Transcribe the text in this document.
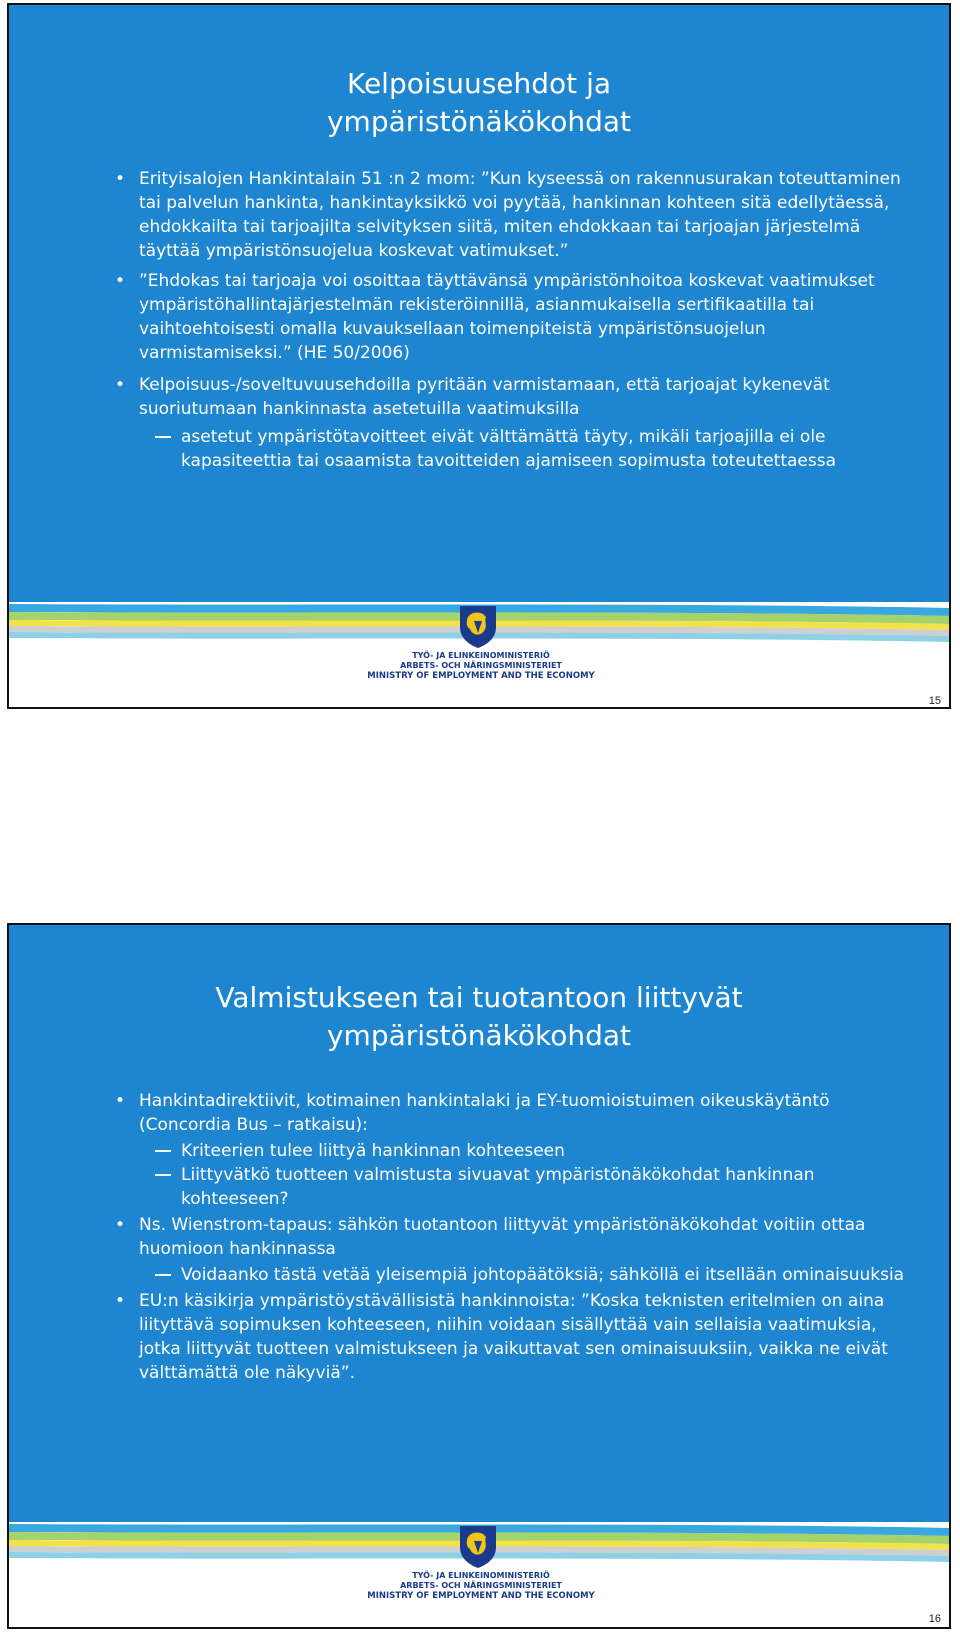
Kelpoisuusehdot ja
ympäristönäkökohdat
• Erityisalojen Hankintalain 51 :n 2 mom: ”Kun kyseessä on rakennusurakan toteuttaminen tai palvelun hankinta, hankintayksikkö voi pyytää, hankinnan kohteen sitä edellytäessä, ehdokkailta tai tarjoajilta selvityksen siitä, miten ehdokkaan tai tarjoajan järjestelmä täyttää ympäristönsuojelua koskevat vatimukset.”
• ”Ehdokas tai tarjoaja voi osoittaa täyttävänsä ympäristönhoitoa koskevat vaatimukset ympäristöhallintajärjestelmän rekisteröinnillä, asianmukaisella sertifikaatilla tai vaihtoehtoisesti omalla kuvauksellaan toimenpiteistä ympäristönsuojelun varmistamiseksi.” (HE 50/2006)
• Kelpoisuus-/soveltuvuusehdoilla pyritään varmistamaan, että tarjoajat kykenevät suoriutumaan hankinnasta asetetuilla vaatimuksilla
asetetut ympäristötavoitteet eivät välttämättä täyty, mikäli tarjoajilla ei ole kapasiteettia tai osaamista tavoitteiden ajamiseen sopimusta toteutettaessa
TYÖ- JA ELINKEINOMINISTERIÖ
ARBETS- OCH NÄRINGSMINISTERIET
MINISTRY OF EMPLOYMENT AND THE ECONOMY
15
Valmistukseen tai tuotantoon liittyvät
ympäristönäkökohdat
• Hankintadirektiivit, kotimainen hankintalaki ja EY-tuomioistuimen oikeuskäytäntö (Concordia Bus – ratkaisu):
Kriteerien tulee liittyä hankinnan kohteeseen
Liittyvätkö tuotteen valmistusta sivuavat ympäristönäkökohdat hankinnan kohteeseen?
• Ns. Wienstrom-tapaus: sähkön tuotantoon liittyvät ympäristönäkökohdat voitiin ottaa huomioon hankinnassa
Voidaanko tästä vetää yleisempiä johtopäätöksiä; sähköllä ei itsellään ominaisuuksia
• EU:n käsikirja ympäristöystävällisistä hankinnoista: ”Koska teknisten eritelmien on aina liityttävä sopimuksen kohteeseen, niihin voidaan sisällyttää vain sellaisia vaatimuksia, jotka liittyvät tuotteen valmistukseen ja vaikuttavat sen ominaisuuksiin, vaikka ne eivät välttämättä ole näkyviä”.
TYÖ- JA ELINKEINOMINISTERIÖ
ARBETS- OCH NÄRINGSMINISTERIET
MINISTRY OF EMPLOYMENT AND THE ECONOMY
16
